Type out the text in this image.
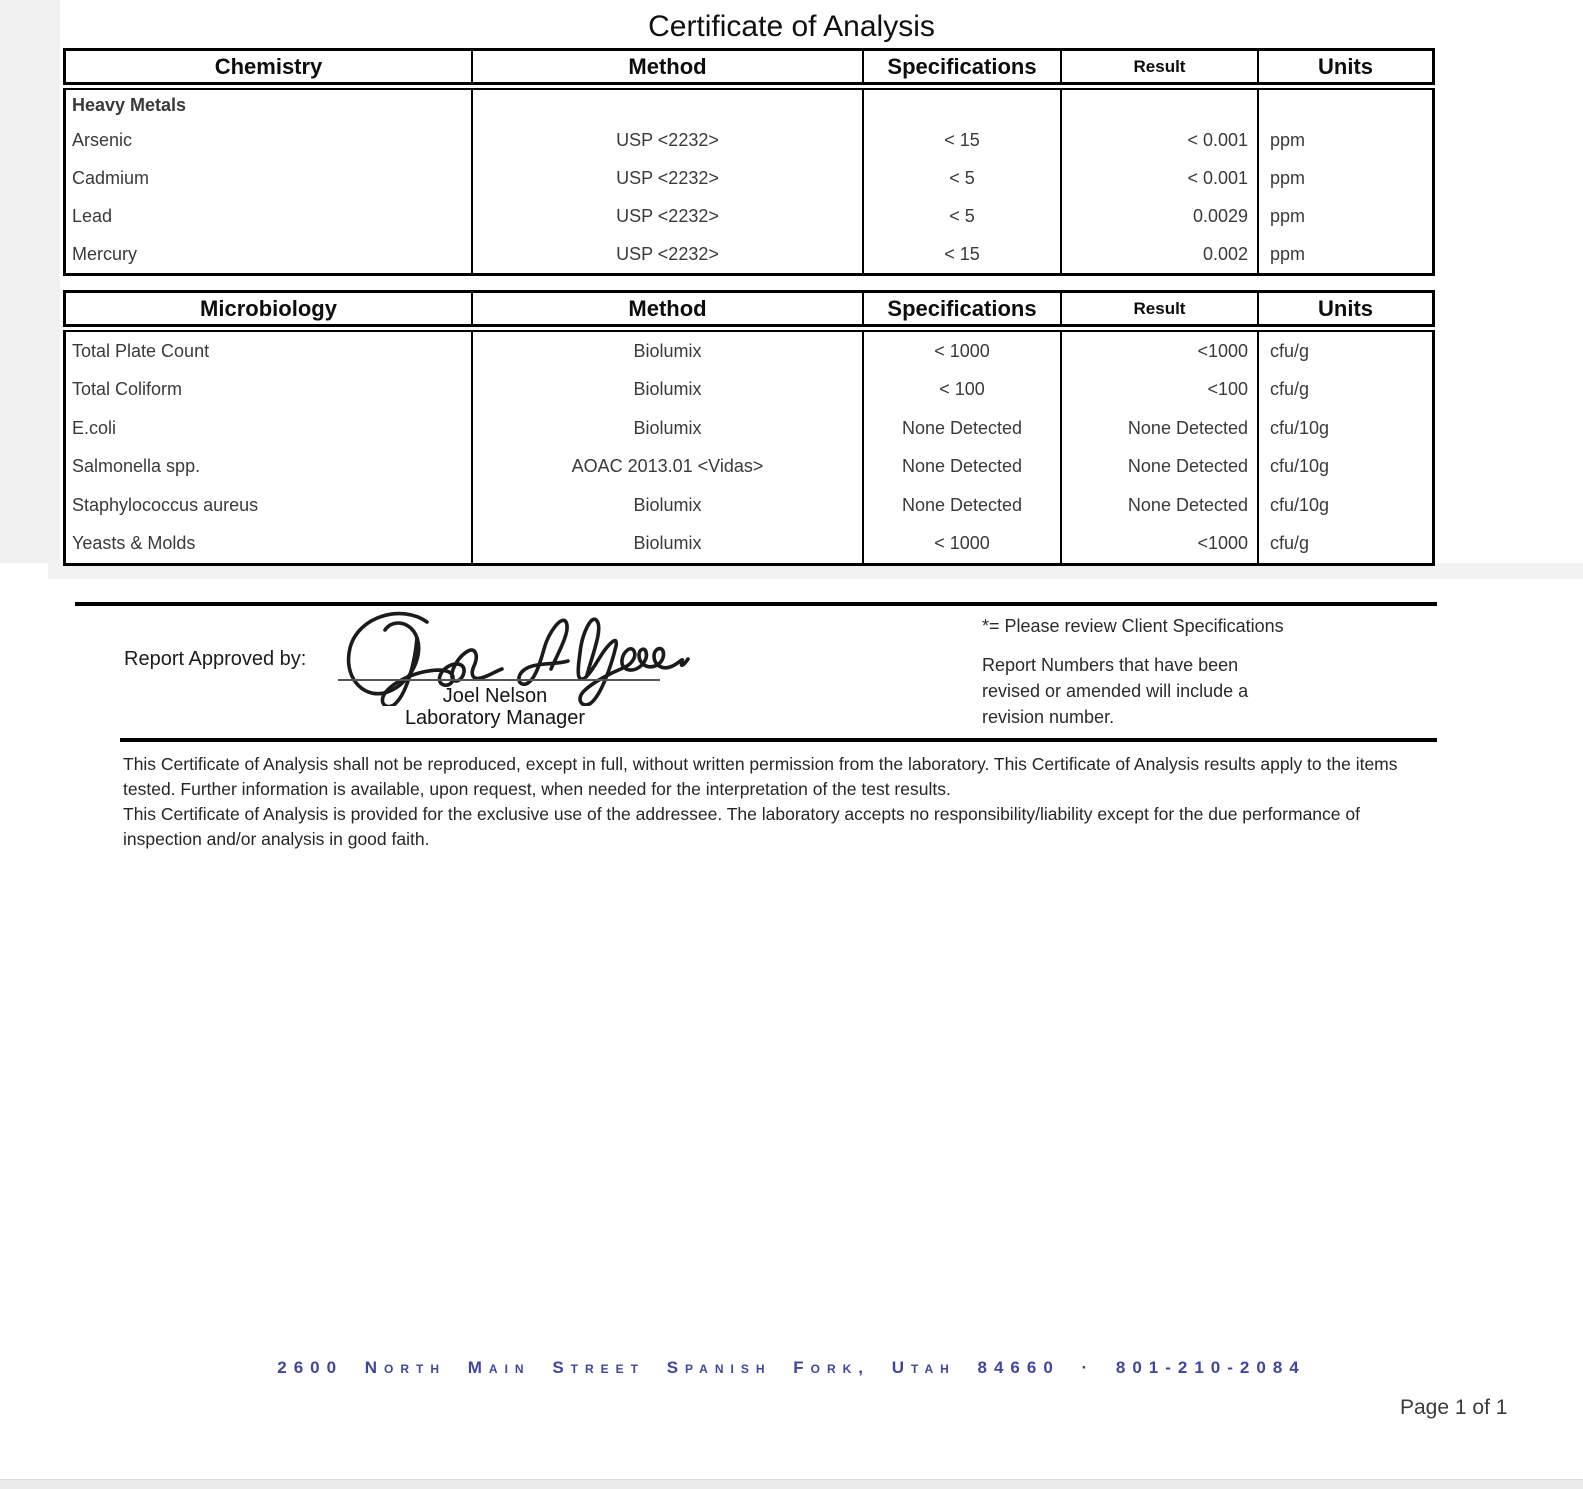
Certificate of Analysis
Chemistry	Method	Specifications	Result	Units
Heavy Metals
Arsenic	USP <2232>	< 15	< 0.001	ppm
Cadmium	USP <2232>	< 5	< 0.001	ppm
Lead	USP <2232>	< 5	0.0029	ppm
Mercury	USP <2232>	< 15	0.002	ppm
Microbiology	Method	Specifications	Result	Units
Total Plate Count	Biolumix	< 1000	<1000	cfu/g
Total Coliform	Biolumix	< 100	<100	cfu/g
E.coli	Biolumix	None Detected	None Detected	cfu/10g
Salmonella spp.	AOAC 2013.01 <Vidas>	None Detected	None Detected	cfu/10g
Staphylococcus aureus	Biolumix	None Detected	None Detected	cfu/10g
Yeasts & Molds	Biolumix	< 1000	<1000	cfu/g
Report Approved by:
Joel Nelson
Laboratory Manager
*= Please review Client Specifications
Report Numbers that have been revised or amended will include a revision number.

This Certificate of Analysis shall not be reproduced, except in full, without written permission from the laboratory. This Certificate of Analysis results apply to the items tested. Further information is available, upon request, when needed for the interpretation of the test results.

This Certificate of Analysis is provided for the exclusive use of the addressee. The laboratory accepts no responsibility/liability except for the due performance of inspection and/or analysis in good faith.

2600 North Main Street Spanish Fork, Utah 84660 · 801-210-2084
Page 1 of 1
